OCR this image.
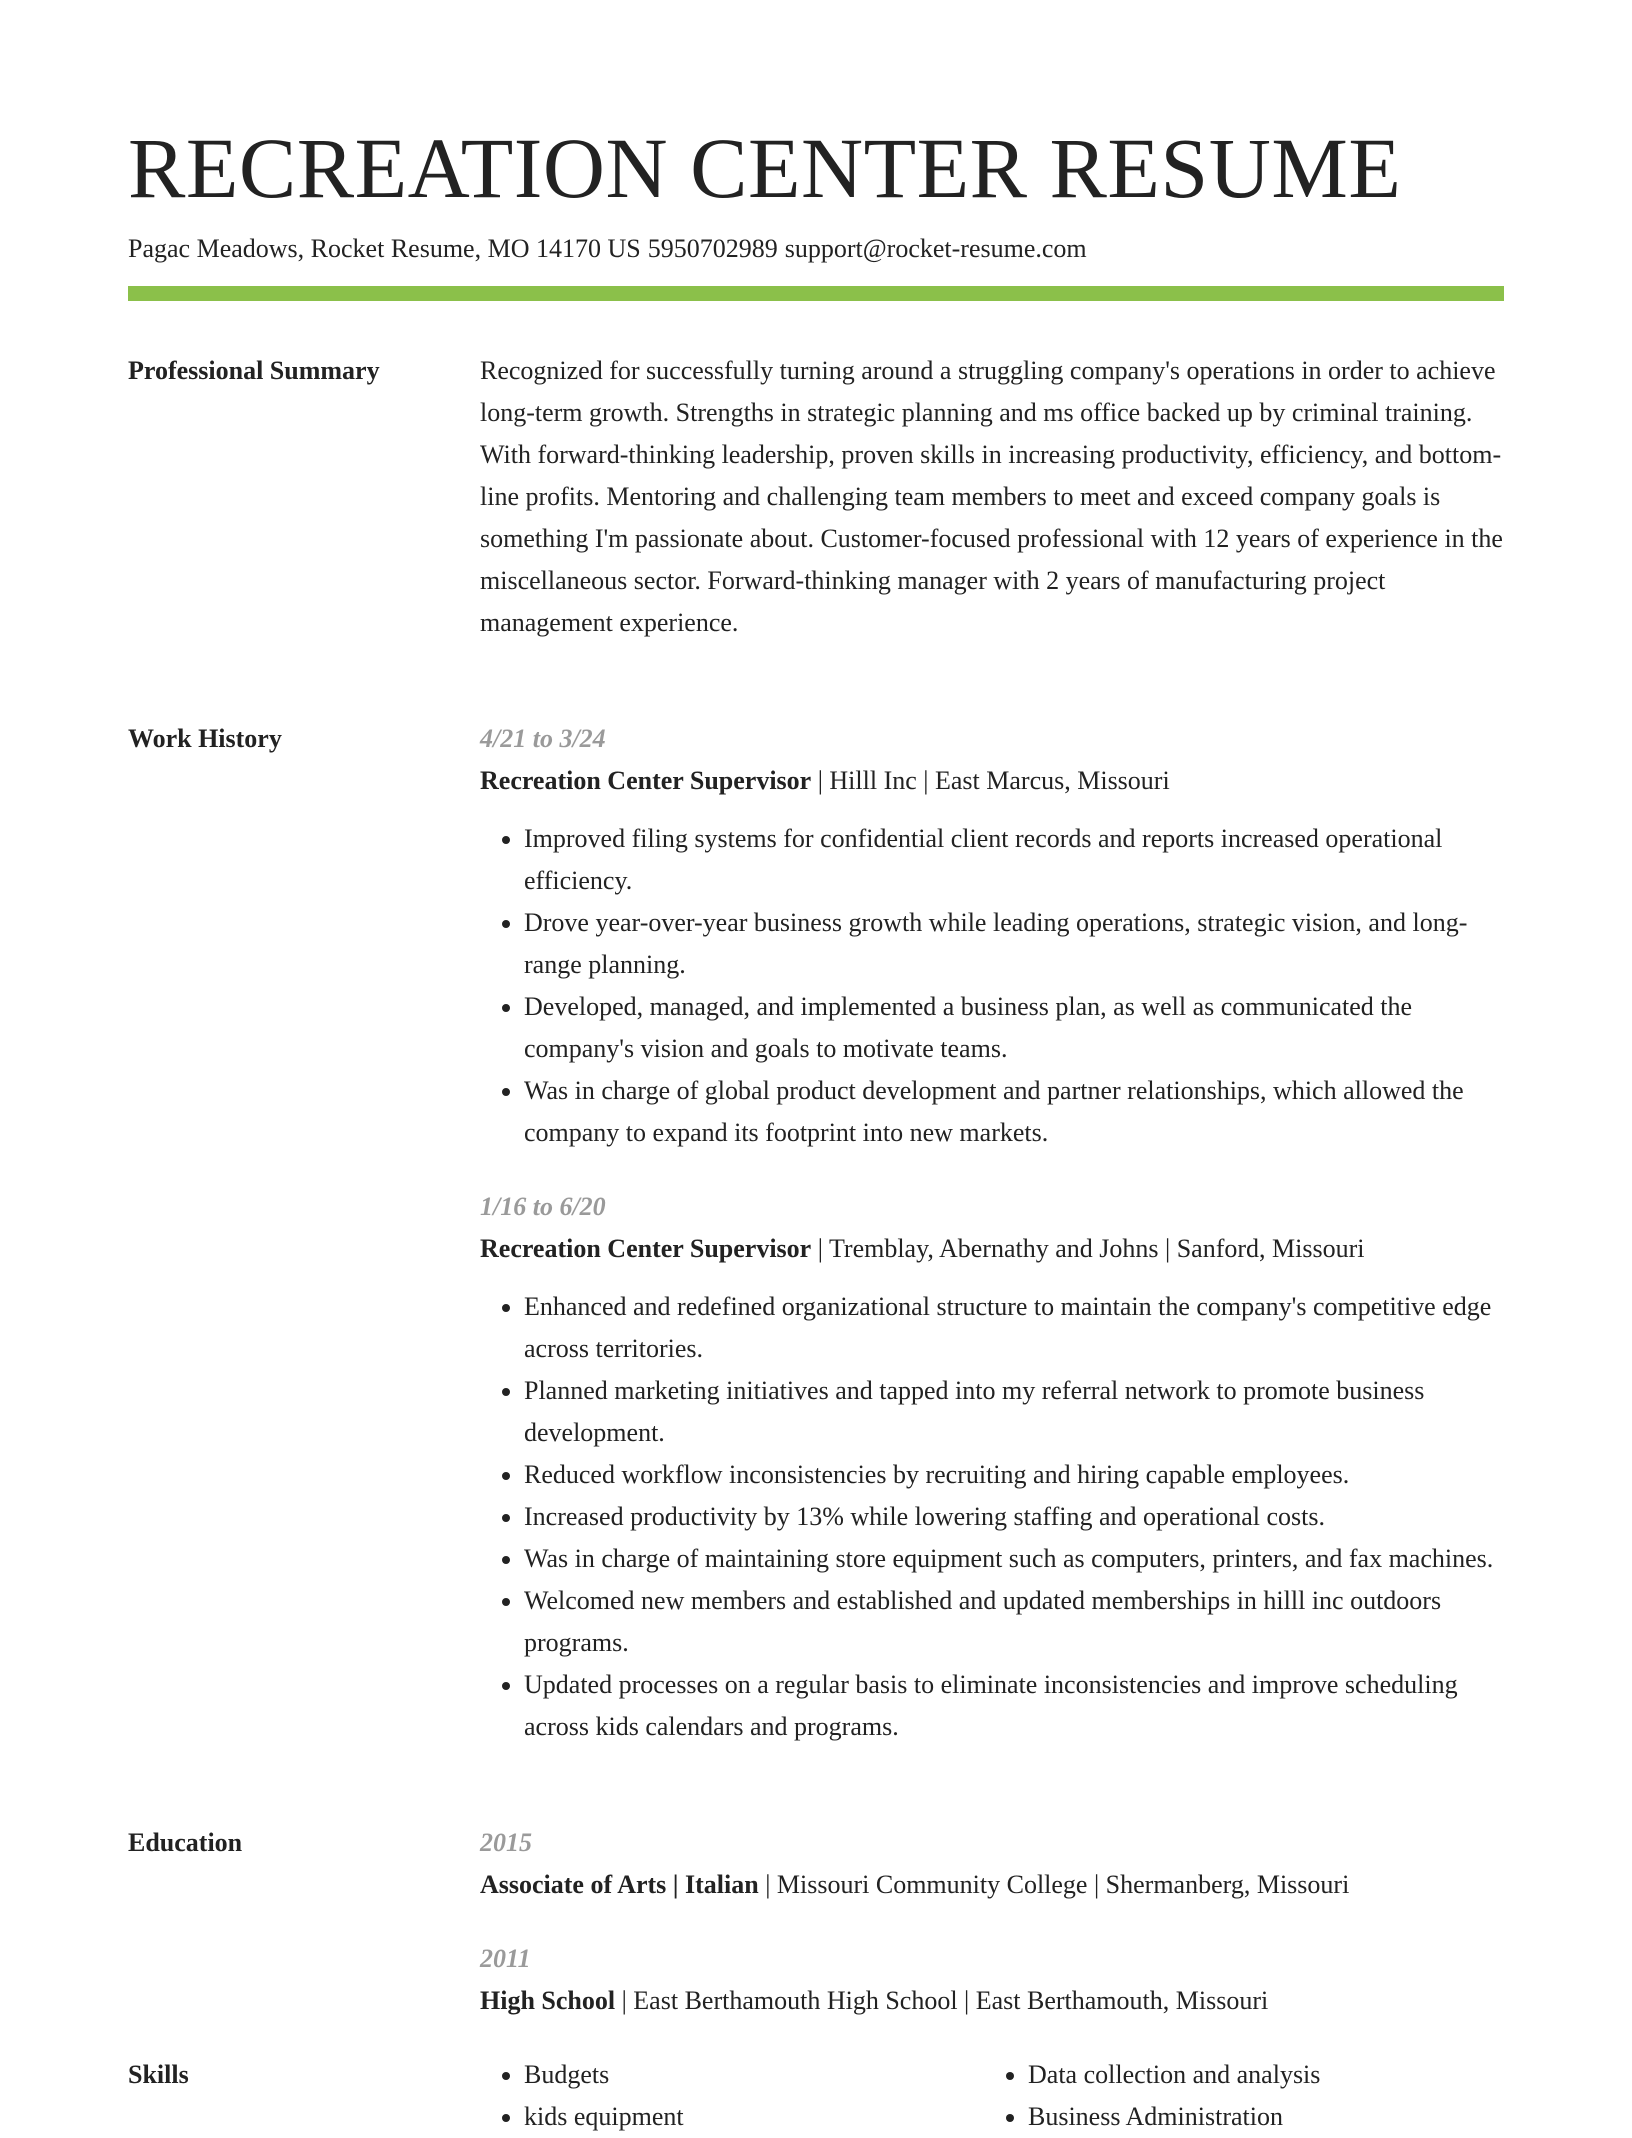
RECREATION CENTER RESUME
Pagac Meadows, Rocket Resume, MO 14170 US 5950702989 support@rocket-resume.com
Professional Summary	Recognized for successfully turning around a struggling company's operations in order to achieve long-term growth. Strengths in strategic planning and ms office backed up by criminal training. With forward-thinking leadership, proven skills in increasing productivity, efficiency, and bottom-line profits. Mentoring and challenging team members to meet and exceed company goals is something I'm passionate about. Customer-focused professional with 12 years of experience in the miscellaneous sector. Forward-thinking manager with 2 years of manufacturing project management experience.

Work History	4/21 to 3/24
Recreation Center Supervisor | Hilll Inc | East Marcus, Missouri
• Improved filing systems for confidential client records and reports increased operational efficiency.
• Drove year-over-year business growth while leading operations, strategic vision, and long-range planning.
• Developed, managed, and implemented a business plan, as well as communicated the company's vision and goals to motivate teams.
• Was in charge of global product development and partner relationships, which allowed the company to expand its footprint into new markets.
1/16 to 6/20
Recreation Center Supervisor | Tremblay, Abernathy and Johns | Sanford, Missouri
• Enhanced and redefined organizational structure to maintain the company's competitive edge across territories.
• Planned marketing initiatives and tapped into my referral network to promote business development.
• Reduced workflow inconsistencies by recruiting and hiring capable employees.
• Increased productivity by 13% while lowering staffing and operational costs.
• Was in charge of maintaining store equipment such as computers, printers, and fax machines.
• Welcomed new members and established and updated memberships in hilll inc outdoors programs.
• Updated processes on a regular basis to eliminate inconsistencies and improve scheduling across kids calendars and programs.
Education	2015
Associate of Arts | Italian | Missouri Community College | Shermanberg, Missouri
2011
High School | East Berthamouth High School | East Berthamouth, Missouri
Skills
•	Budgets
• kids equipment
• Data collection and analysis
• Business Administration
